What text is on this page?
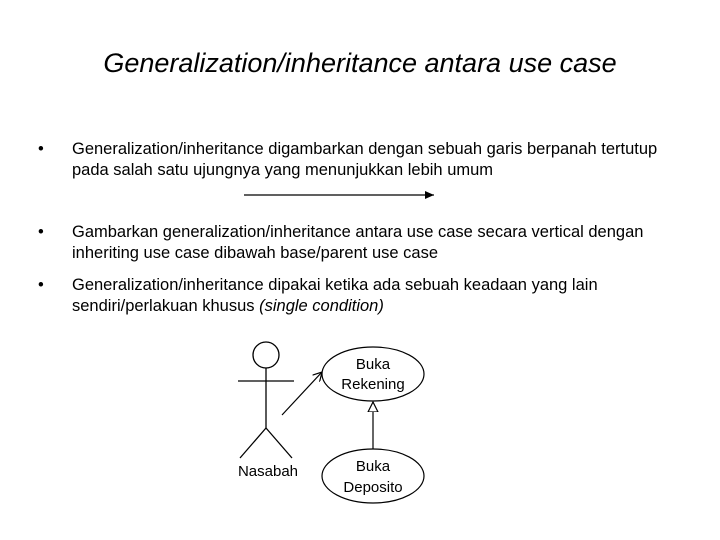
Generalization/inheritance antara use case
• Generalization/inheritance digambarkan dengan sebuah garis berpanah tertutup pada salah satu ujungnya yang menunjukkan lebih umum
• Gambarkan generalization/inheritance antara use case secara vertical dengan inheriting use case dibawah base/parent use case
• Generalization/inheritance dipakai ketika ada sebuah keadaan yang lain sendiri/perlakuan khusus (single condition)
Nasabah
Buka
Rekening
Buka
Deposito
